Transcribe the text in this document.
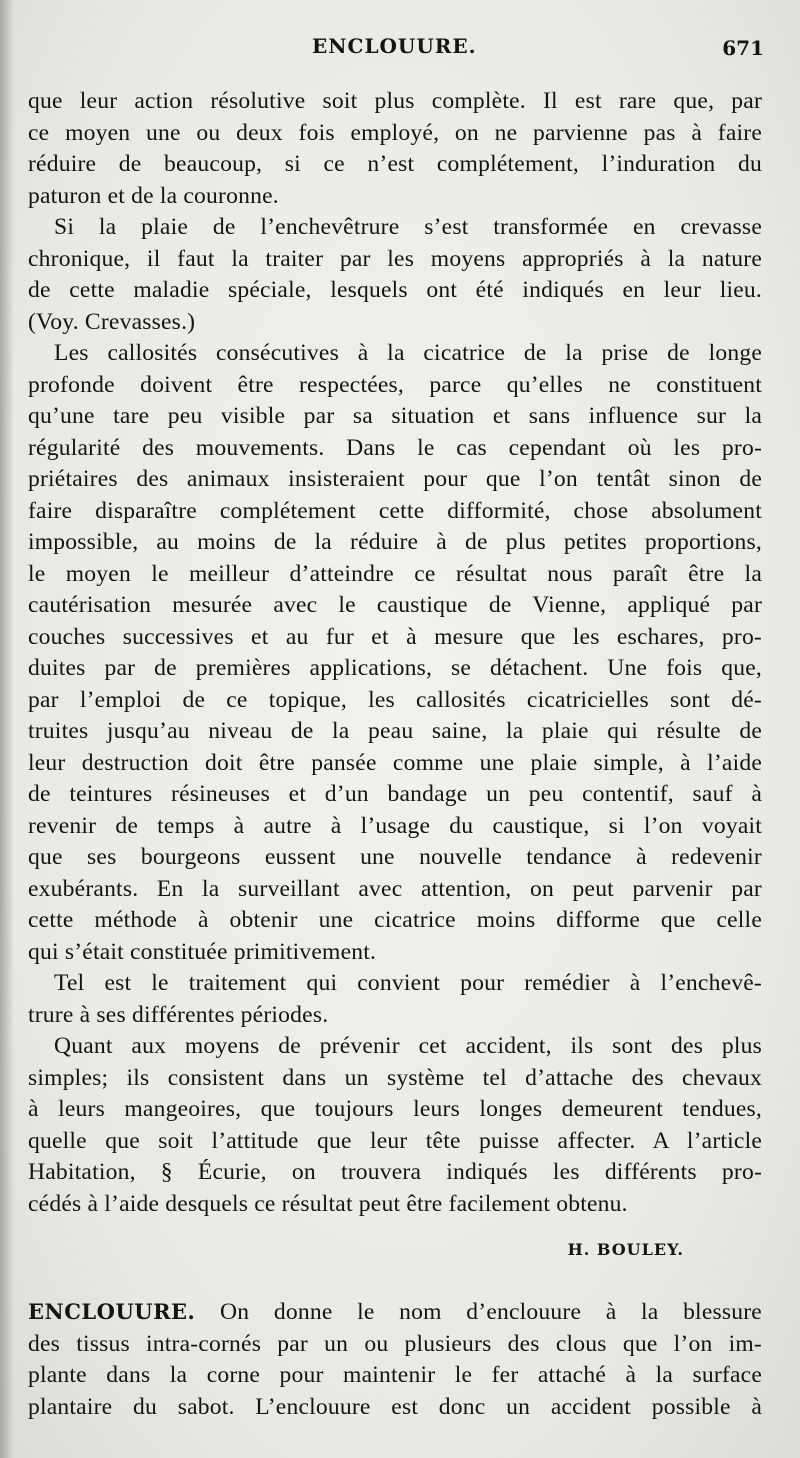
ENCLOUURE.	671

que leur action résolutive soit plus complète. Il est rare que, par
ce moyen une ou deux fois employé, on ne parvienne pas à faire
réduire de beaucoup, si ce n’est complétement, l’induration du
paturon et de la couronne.

Si la plaie de l’enchevêtrure s’est transformée en crevasse
chronique, il faut la traiter par les moyens appropriés à la nature
de cette maladie spéciale, lesquels ont été indiqués en leur lieu.
(Voy. Crevasses.)

Les callosités consécutives à la cicatrice de la prise de longe
profonde doivent être respectées, parce qu’elles ne constituent
qu’une tare peu visible par sa situation et sans influence sur la
régularité des mouvements. Dans le cas cependant où les pro-
priétaires des animaux insisteraient pour que l’on tentât sinon de
faire disparaître complétement cette difformité, chose absolument
impossible, au moins de la réduire à de plus petites proportions,
le moyen le meilleur d’atteindre ce résultat nous paraît être la
cautérisation mesurée avec le caustique de Vienne, appliqué par
couches successives et au fur et à mesure que les eschares, pro-
duites par de premières applications, se détachent. Une fois que,
par l’emploi de ce topique, les callosités cicatricielles sont dé-
truites jusqu’au niveau de la peau saine, la plaie qui résulte de
leur destruction doit être pansée comme une plaie simple, à l’aide
de teintures résineuses et d’un bandage un peu contentif, sauf à
revenir de temps à autre à l’usage du caustique, si l’on voyait
que ses bourgeons eussent une nouvelle tendance à redevenir
exubérants. En la surveillant avec attention, on peut parvenir par
cette méthode à obtenir une cicatrice moins difforme que celle
qui s’était constituée primitivement.

Tel est le traitement qui convient pour remédier à l’enchevê-
trure à ses différentes périodes.

Quant aux moyens de prévenir cet accident, ils sont des plus
simples; ils consistent dans un système tel d’attache des chevaux
à leurs mangeoires, que toujours leurs longes demeurent tendues,
quelle que soit l’attitude que leur tête puisse affecter. A l’article
Habitation, § Écurie, on trouvera indiqués les différents pro-
cédés à l’aide desquels ce résultat peut être facilement obtenu.

H. BOULEY.
ENCLOUURE. On donne le nom d’enclouure à la blessure
des tissus intra-cornés par un ou plusieurs des clous que l’on im-
plante dans la corne pour maintenir le fer attaché à la surface
plantaire du sabot. L’enclouure est donc un accident possible à
